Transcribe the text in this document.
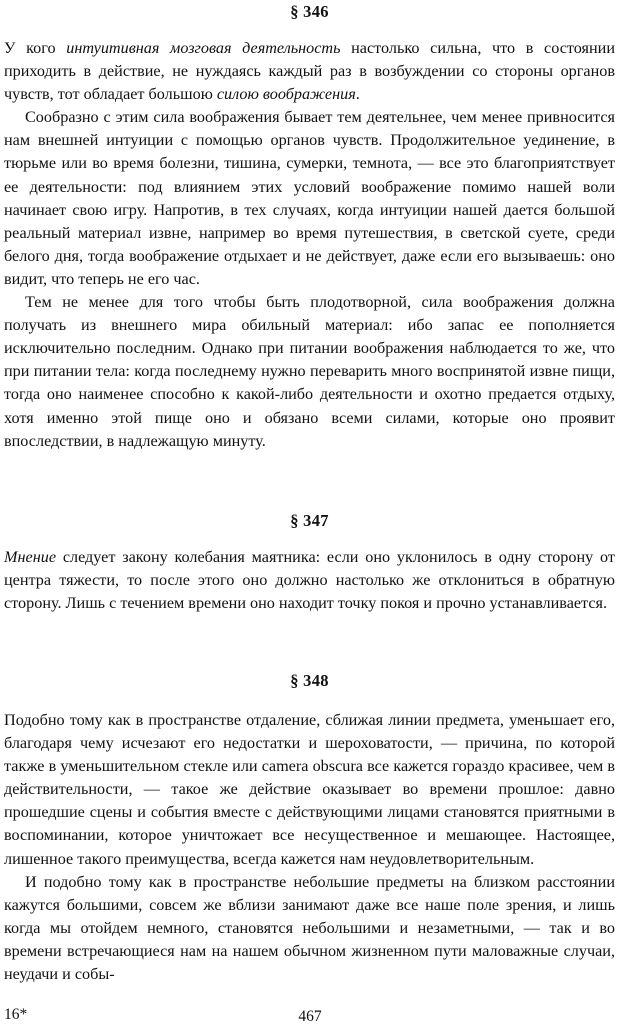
§ 346

У кого интуитивная мозговая деятельность настолько сильна, что в состоянии приходить в действие, не нуждаясь каждый раз в возбуждении со стороны органов чувств, тот обладает большою силою воображения.

Сообразно с этим сила воображения бывает тем деятельнее, чем менее привносится нам внешней интуиции с помощью органов чувств. Продолжительное уединение, в тюрьме или во время болезни, тишина, сумерки, темнота, — все это благоприятствует ее деятельности: под влиянием этих условий воображение помимо нашей воли начинает свою игру. Напротив, в тех случаях, когда интуиции нашей дается большой реальный материал извне, например во время путешествия, в светской суете, среди белого дня, тогда воображение отдыхает и не действует, даже если его вызываешь: оно видит, что теперь не его час.

Тем не менее для того чтобы быть плодотворной, сила воображения должна получать из внешнего мира обильный материал: ибо запас ее пополняется исключительно последним. Однако при питании воображения наблюдается то же, что при питании тела: когда последнему нужно переварить много воспринятой извне пищи, тогда оно наименее способно к какой-либо деятельности и охотно предается отдыху, хотя именно этой пище оно и обязано всеми силами, которые оно проявит впоследствии, в надлежащую минуту.

§ 347

Мнение следует закону колебания маятника: если оно уклонилось в одну сторону от центра тяжести, то после этого оно должно настолько же отклониться в обратную сторону. Лишь с течением времени оно находит точку покоя и прочно устанавливается.

§ 348

Подобно тому как в пространстве отдаление, сближая линии предмета, уменьшает его, благодаря чему исчезают его недостатки и шероховатости, — причина, по которой также в уменьшительном стекле или camera obscura все кажется гораздо красивее, чем в действительности, — такое же действие оказывает во времени прошлое: давно прошедшие сцены и события вместе с действующими лицами становятся приятными в воспоминании, которое уничтожает все несущественное и мешающее. Настоящее, лишенное такого преимущества, всегда кажется нам неудовлетворительным.

И подобно тому как в пространстве небольшие предметы на близком расстоянии кажутся большими, совсем же вблизи занимают даже все наше поле зрения, и лишь когда мы отойдем немного, становятся небольшими и незаметными, — так и во времени встречающиеся нам на нашем обычном жизненном пути маловажные случаи, неудачи и собы-

16*	467
